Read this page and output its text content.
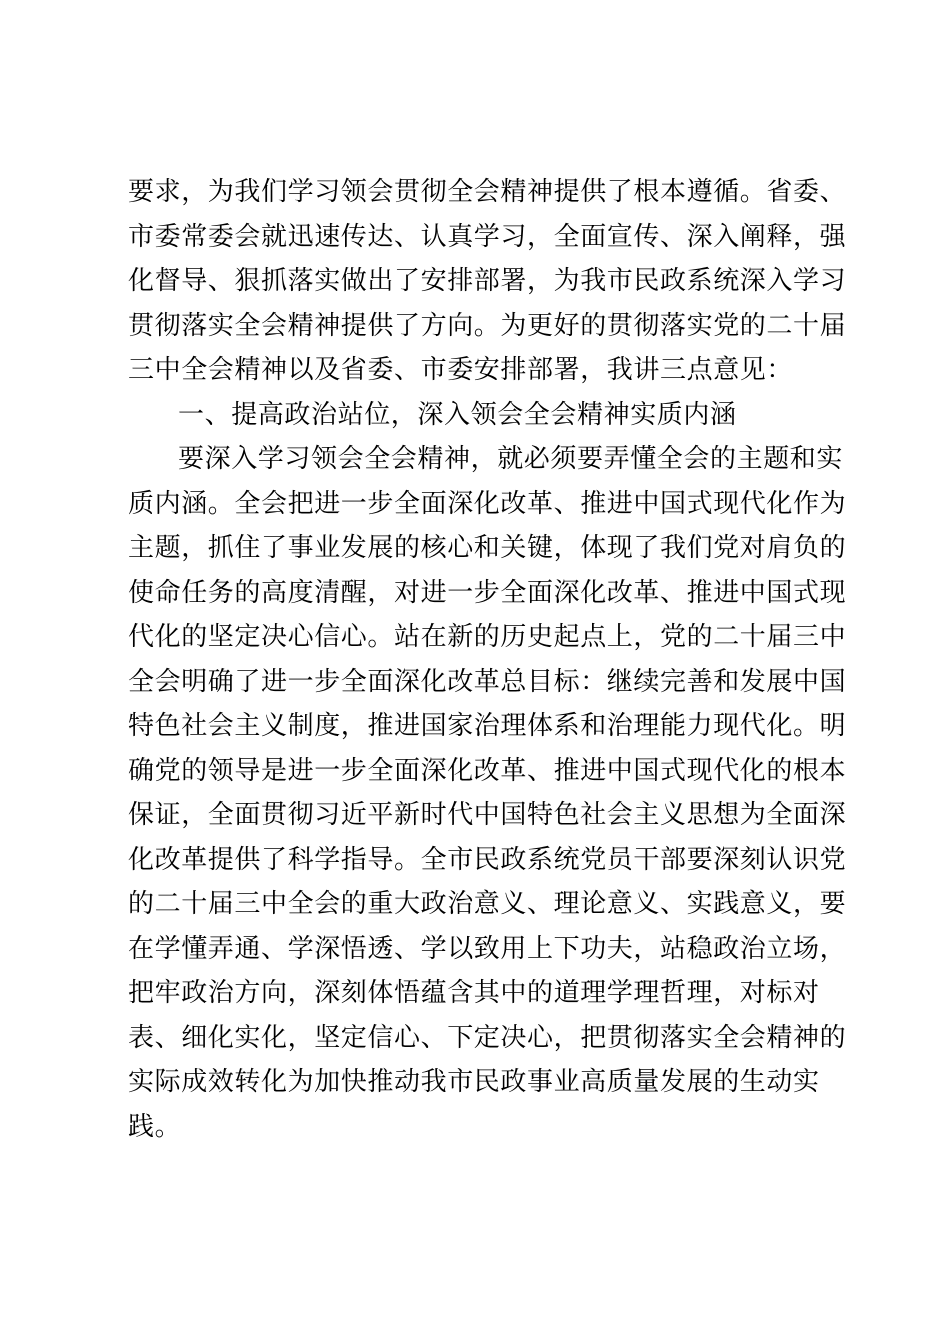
要求，为我们学习领会贯彻全会精神提供了根本遵循。省委、
市委常委会就迅速传达、认真学习，全面宣传、深入阐释，强
化督导、狠抓落实做出了安排部署，为我市民政系统深入学习
贯彻落实全会精神提供了方向。为更好的贯彻落实党的二十届
三中全会精神以及省委、市委安排部署，我讲三点意见：
一、提高政治站位，深入领会全会精神实质内涵
要深入学习领会全会精神，就必须要弄懂全会的主题和实
质内涵。全会把进一步全面深化改革、推进中国式现代化作为
主题，抓住了事业发展的核心和关键，体现了我们党对肩负的
使命任务的高度清醒，对进一步全面深化改革、推进中国式现
代化的坚定决心信心。站在新的历史起点上，党的二十届三中
全会明确了进一步全面深化改革总目标：继续完善和发展中国
特色社会主义制度，推进国家治理体系和治理能力现代化。明
确党的领导是进一步全面深化改革、推进中国式现代化的根本
保证，全面贯彻习近平新时代中国特色社会主义思想为全面深
化改革提供了科学指导。全市民政系统党员干部要深刻认识党
的二十届三中全会的重大政治意义、理论意义、实践意义，要
在学懂弄通、学深悟透、学以致用上下功夫，站稳政治立场，
把牢政治方向，深刻体悟蕴含其中的道理学理哲理，对标对
表、细化实化，坚定信心、下定决心，把贯彻落实全会精神的
实际成效转化为加快推动我市民政事业高质量发展的生动实
践。
